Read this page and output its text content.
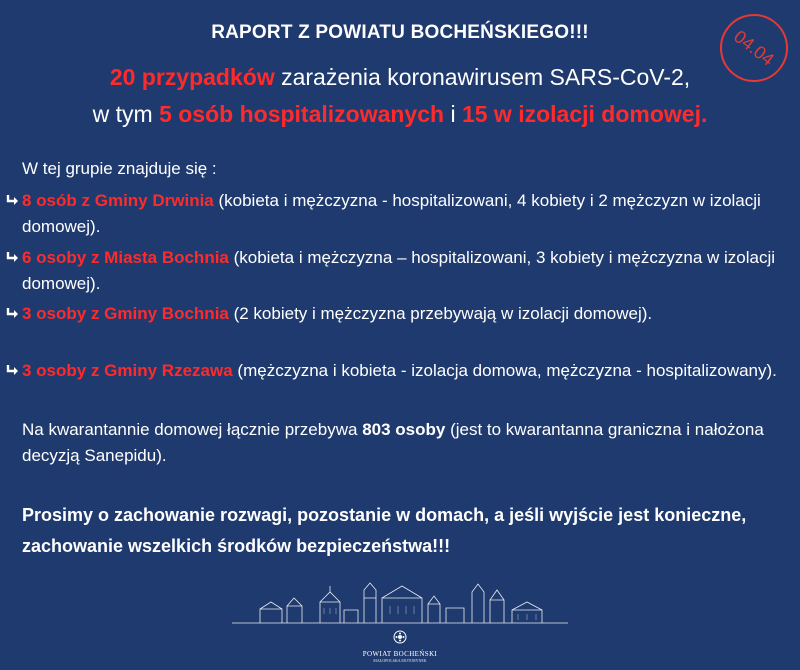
RAPORT Z POWIATU BOCHEŃSKIEGO!!!	04.04
20 przypadków zarażenia koronawirusem SARS-CoV-2,
w tym 5 osób hospitalizowanych i 15 w izolacji domowej.
W tej grupie znajduje się :
8 osób z Gminy Drwinia (kobieta i mężczyzna - hospitalizowani, 4 kobiety i 2 mężczyzn w izolacji domowej).
6 osoby z Miasta Bochnia (kobieta i mężczyzna – hospitalizowani, 3 kobiety i mężczyzna w izolacji domowej).
3 osoby z Gminy Bochnia (2 kobiety i mężczyzna przebywają w izolacji domowej).
3 osoby z Gminy Rzezawa (mężczyzna i kobieta - izolacja domowa, mężczyzna - hospitalizowany).
Na kwarantannie domowej łącznie przebywa 803 osoby (jest to kwarantanna graniczna i nałożona decyzją Sanepidu).
Prosimy o zachowanie rozwagi, pozostanie w domach, a jeśli wyjście jest konieczne, zachowanie wszelkich środków bezpieczeństwa!!!
POWIAT BOCHEŃSKI
MAŁOPOLSKA MOTORYNEK
